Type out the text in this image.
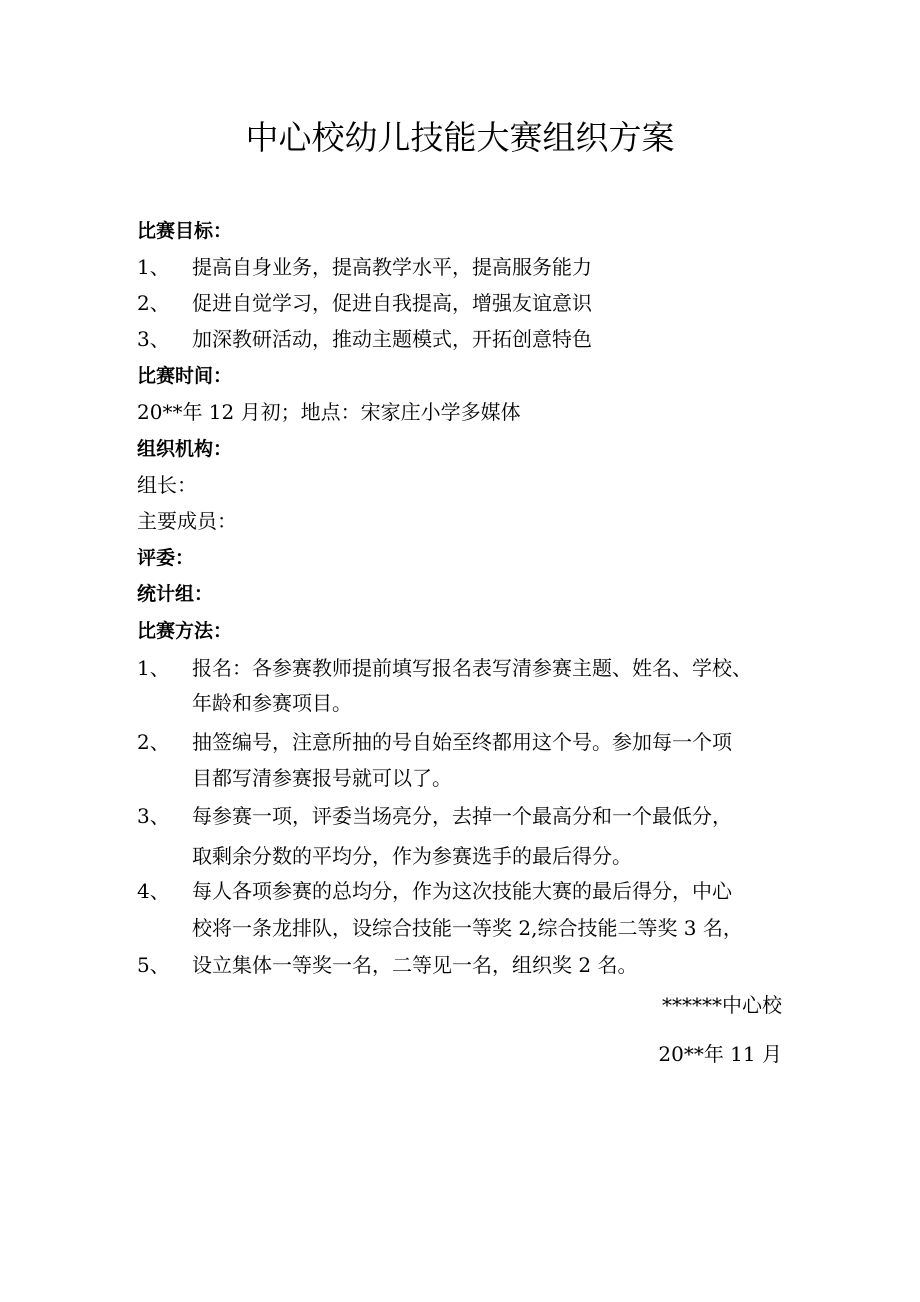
中心校幼儿技能大赛组织方案
比赛目标：
1、 提高自身业务，提高教学水平，提高服务能力
2、 促进自觉学习，促进自我提高，增强友谊意识
3、 加深教研活动，推动主题模式，开拓创意特色
比赛时间：
20**年 12 月初；地点：宋家庄小学多媒体
组织机构：
组长：
主要成员：
评委：
统计组：
比赛方法：
1、 报名：各参赛教师提前填写报名表写清参赛主题、姓名、学校、
年龄和参赛项目。
2、 抽签编号，注意所抽的号自始至终都用这个号。参加每一个项
目都写清参赛报号就可以了。
3、 每参赛一项，评委当场亮分，去掉一个最高分和一个最低分，
取剩余分数的平均分，作为参赛选手的最后得分。
4、 每人各项参赛的总均分，作为这次技能大赛的最后得分，中心
校将一条龙排队，设综合技能一等奖 2,综合技能二等奖 3 名，
5、 设立集体一等奖一名，二等见一名，组织奖 2 名。
******中心校
20**年 11 月
